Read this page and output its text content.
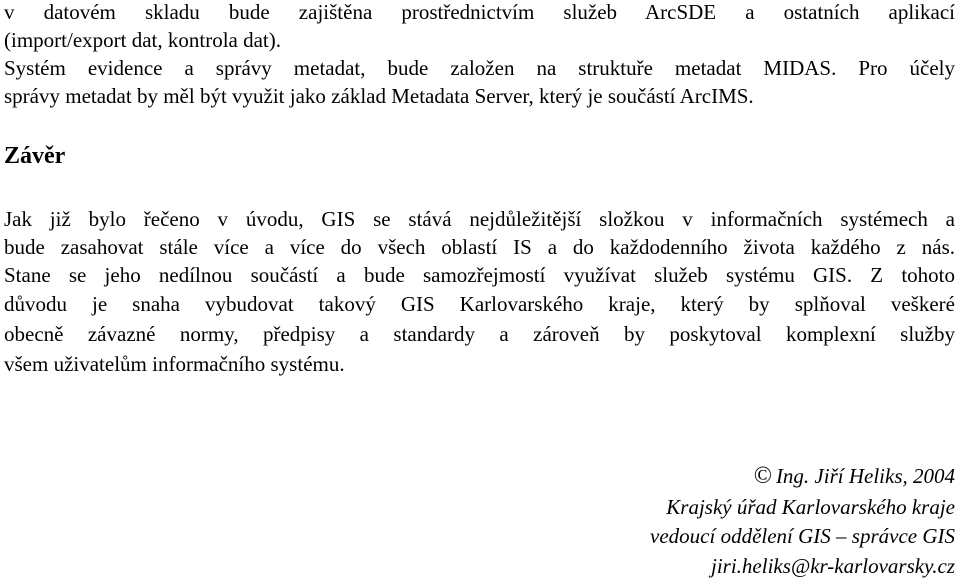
v datovém skladu bude zajištěna prostřednictvím služeb ArcSDE a ostatních aplikací
(import/export dat, kontrola dat).
Systém evidence a správy metadat, bude založen na struktuře metadat MIDAS. Pro účely
správy metadat by měl být využit jako základ Metadata Server, který je součástí ArcIMS.
Závěr
Jak již bylo řečeno v úvodu, GIS se stává nejdůležitější složkou v informačních systémech a
bude zasahovat stále více a více do všech oblastí IS a do každodenního života každého z nás.
Stane se jeho nedílnou součástí a bude samozřejmostí využívat služeb systému GIS. Z tohoto
důvodu je snaha vybudovat takový GIS Karlovarského kraje, který by splňoval veškeré
obecně závazné normy, předpisy a standardy a zároveň by poskytoval komplexní služby
všem uživatelům informačního systému.
© Ing. Jiří Heliks, 2004
Krajský úřad Karlovarského kraje
vedoucí oddělení GIS – správce GIS
jiri.heliks@kr-karlovarsky.cz
